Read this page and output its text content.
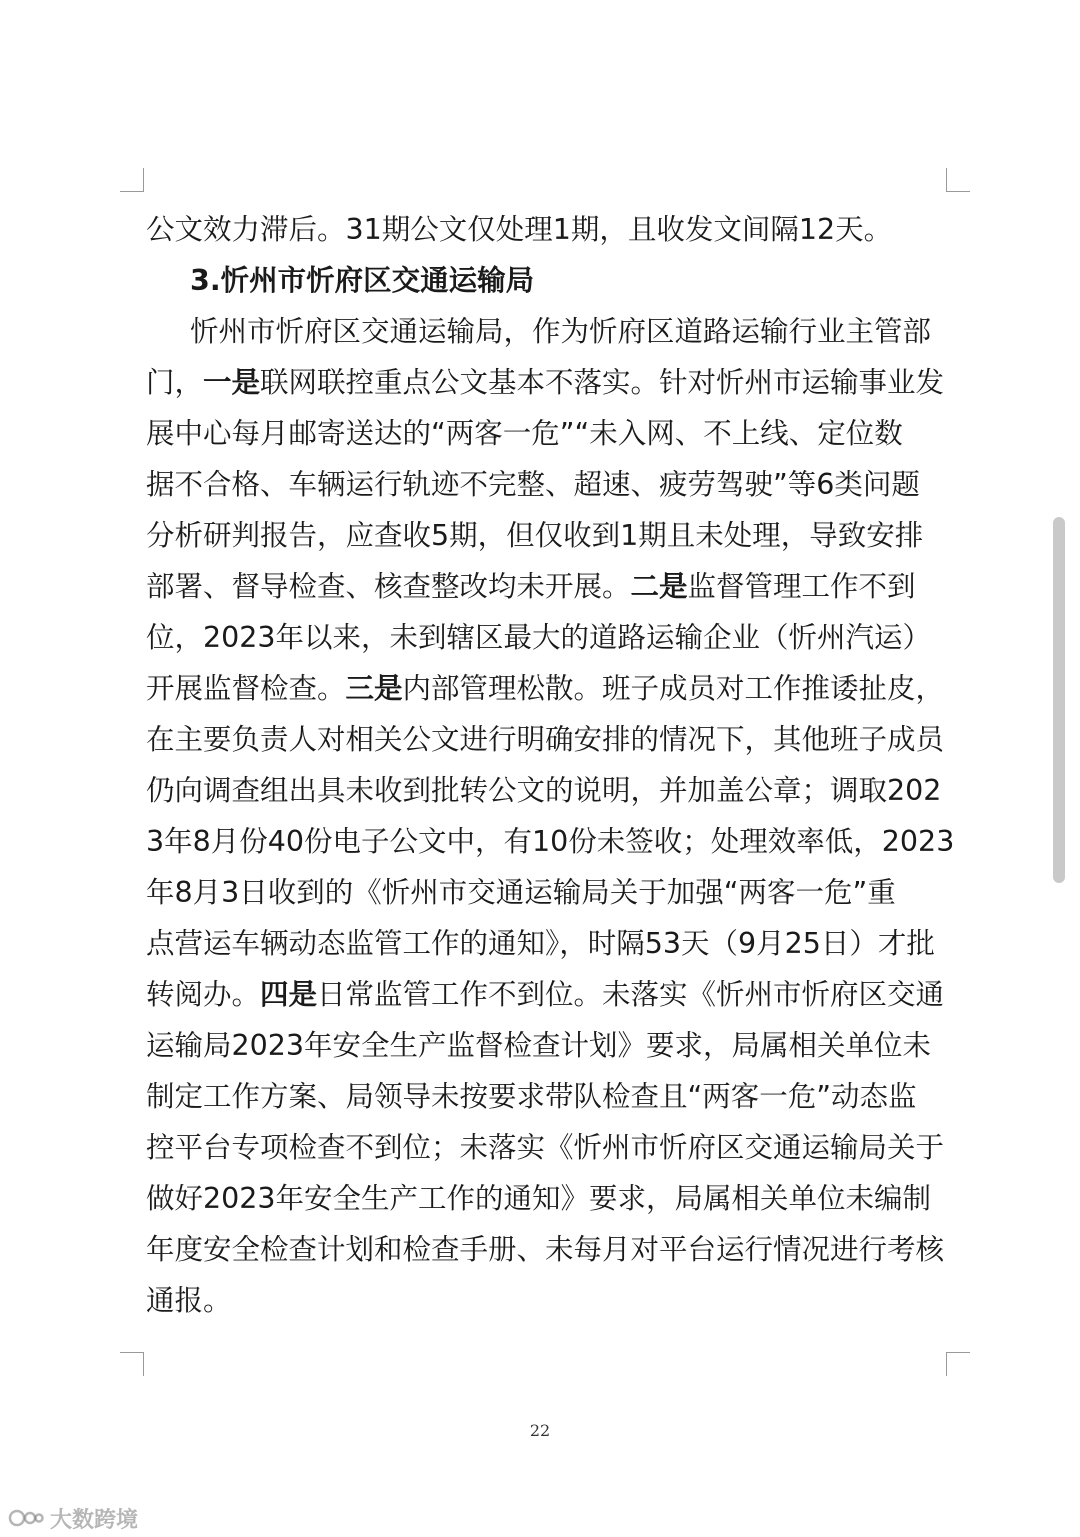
公文效力滞后。31期公文仅处理1期，且收发文间隔12天。
3.忻州市忻府区交通运输局
忻州市忻府区交通运输局，作为忻府区道路运输行业主管部
门，一是联网联控重点公文基本不落实。针对忻州市运输事业发
展中心每月邮寄送达的“两客一危”“未入网、不上线、定位数
据不合格、车辆运行轨迹不完整、超速、疲劳驾驶”等6类问题
分析研判报告，应查收5期，但仅收到1期且未处理，导致安排
部署、督导检查、核查整改均未开展。二是监督管理工作不到
位，2023年以来，未到辖区最大的道路运输企业（忻州汽运）
开展监督检查。三是内部管理松散。班子成员对工作推诿扯皮，
在主要负责人对相关公文进行明确安排的情况下，其他班子成员
仍向调查组出具未收到批转公文的说明，并加盖公章；调取202
3年8月份40份电子公文中，有10份未签收；处理效率低，2023
年8月3日收到的《忻州市交通运输局关于加强“两客一危”重
点营运车辆动态监管工作的通知》，时隔53天（9月25日）才批
转阅办。四是日常监管工作不到位。未落实《忻州市忻府区交通
运输局2023年安全生产监督检查计划》要求，局属相关单位未
制定工作方案、局领导未按要求带队检查且“两客一危”动态监
控平台专项检查不到位；未落实《忻州市忻府区交通运输局关于
做好2023年安全生产工作的通知》要求，局属相关单位未编制
年度安全检查计划和检查手册、未每月对平台运行情况进行考核
通报。
22
大数跨境
